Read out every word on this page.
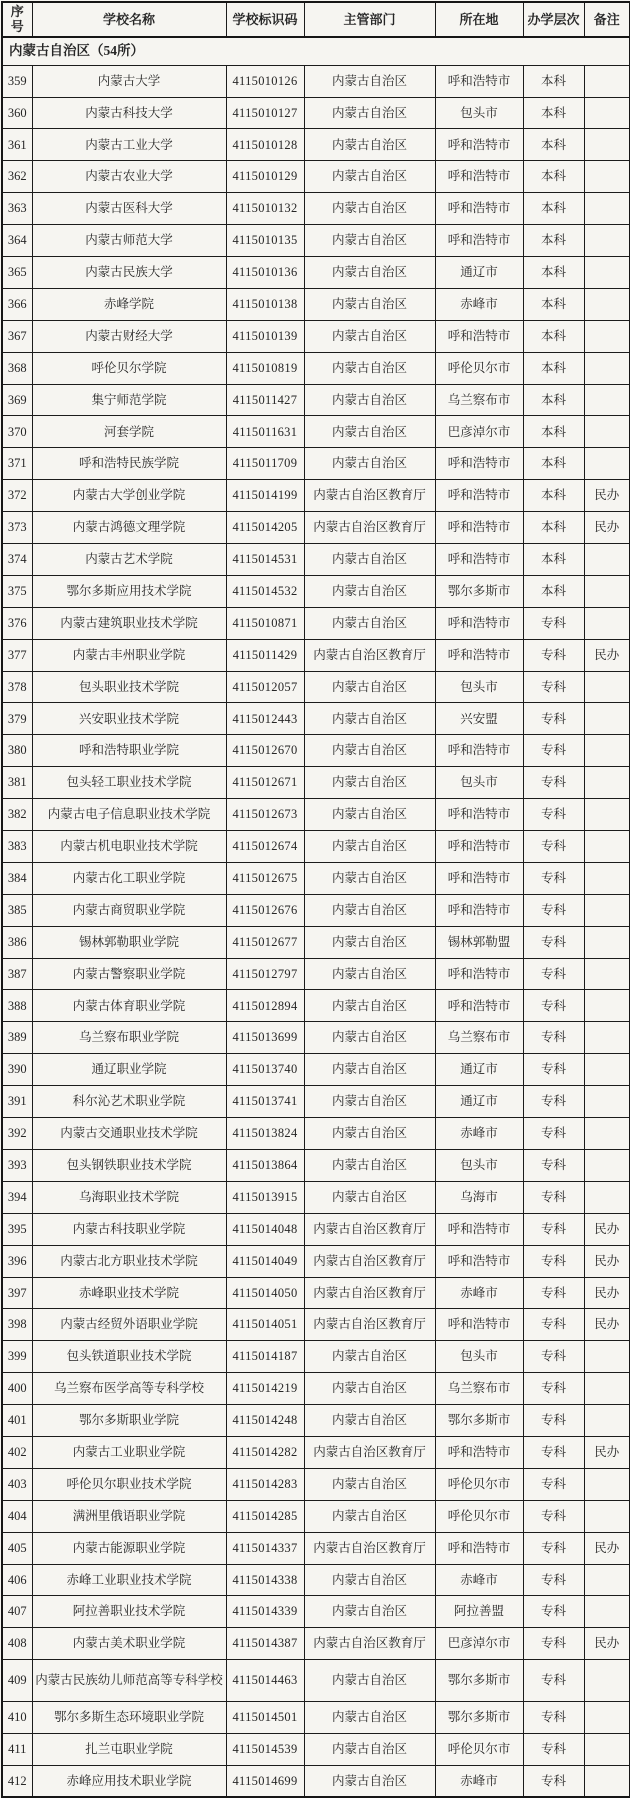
序号	学校名称	学校标识码	主管部门	所在地	办学层次	备注
内蒙古自治区（54所）						
359	内蒙古大学	4115010126	内蒙古自治区	呼和浩特市	本科	
360	内蒙古科技大学	4115010127	内蒙古自治区	包头市	本科	
361	内蒙古工业大学	4115010128	内蒙古自治区	呼和浩特市	本科	
362	内蒙古农业大学	4115010129	内蒙古自治区	呼和浩特市	本科	
363	内蒙古医科大学	4115010132	内蒙古自治区	呼和浩特市	本科	
364	内蒙古师范大学	4115010135	内蒙古自治区	呼和浩特市	本科	
365	内蒙古民族大学	4115010136	内蒙古自治区	通辽市	本科	
366	赤峰学院	4115010138	内蒙古自治区	赤峰市	本科	
367	内蒙古财经大学	4115010139	内蒙古自治区	呼和浩特市	本科	
368	呼伦贝尔学院	4115010819	内蒙古自治区	呼伦贝尔市	本科	
369	集宁师范学院	4115011427	内蒙古自治区	乌兰察布市	本科	
370	河套学院	4115011631	内蒙古自治区	巴彦淖尔市	本科	
371	呼和浩特民族学院	4115011709	内蒙古自治区	呼和浩特市	本科	
372	内蒙古大学创业学院	4115014199	内蒙古自治区教育厅	呼和浩特市	本科	民办
373	内蒙古鸿德文理学院	4115014205	内蒙古自治区教育厅	呼和浩特市	本科	民办
374	内蒙古艺术学院	4115014531	内蒙古自治区	呼和浩特市	本科	
375	鄂尔多斯应用技术学院	4115014532	内蒙古自治区	鄂尔多斯市	本科	
376	内蒙古建筑职业技术学院	4115010871	内蒙古自治区	呼和浩特市	专科	
377	内蒙古丰州职业学院	4115011429	内蒙古自治区教育厅	呼和浩特市	专科	民办
378	包头职业技术学院	4115012057	内蒙古自治区	包头市	专科	
379	兴安职业技术学院	4115012443	内蒙古自治区	兴安盟	专科	
380	呼和浩特职业学院	4115012670	内蒙古自治区	呼和浩特市	专科	
381	包头轻工职业技术学院	4115012671	内蒙古自治区	包头市	专科	
382	内蒙古电子信息职业技术学院	4115012673	内蒙古自治区	呼和浩特市	专科	
383	内蒙古机电职业技术学院	4115012674	内蒙古自治区	呼和浩特市	专科	
384	内蒙古化工职业学院	4115012675	内蒙古自治区	呼和浩特市	专科	
385	内蒙古商贸职业学院	4115012676	内蒙古自治区	呼和浩特市	专科	
386	锡林郭勒职业学院	4115012677	内蒙古自治区	锡林郭勒盟	专科	
387	内蒙古警察职业学院	4115012797	内蒙古自治区	呼和浩特市	专科	
388	内蒙古体育职业学院	4115012894	内蒙古自治区	呼和浩特市	专科	
389	乌兰察布职业学院	4115013699	内蒙古自治区	乌兰察布市	专科	
390	通辽职业学院	4115013740	内蒙古自治区	通辽市	专科	
391	科尔沁艺术职业学院	4115013741	内蒙古自治区	通辽市	专科	
392	内蒙古交通职业技术学院	4115013824	内蒙古自治区	赤峰市	专科	
393	包头钢铁职业技术学院	4115013864	内蒙古自治区	包头市	专科	
394	乌海职业技术学院	4115013915	内蒙古自治区	乌海市	专科	
395	内蒙古科技职业学院	4115014048	内蒙古自治区教育厅	呼和浩特市	专科	民办
396	内蒙古北方职业技术学院	4115014049	内蒙古自治区教育厅	呼和浩特市	专科	民办
397	赤峰职业技术学院	4115014050	内蒙古自治区教育厅	赤峰市	专科	民办
398	内蒙古经贸外语职业学院	4115014051	内蒙古自治区教育厅	呼和浩特市	专科	民办
399	包头铁道职业技术学院	4115014187	内蒙古自治区	包头市	专科	
400	乌兰察布医学高等专科学校	4115014219	内蒙古自治区	乌兰察布市	专科	
401	鄂尔多斯职业学院	4115014248	内蒙古自治区	鄂尔多斯市	专科	
402	内蒙古工业职业学院	4115014282	内蒙古自治区教育厅	呼和浩特市	专科	民办
403	呼伦贝尔职业技术学院	4115014283	内蒙古自治区	呼伦贝尔市	专科	
404	满洲里俄语职业学院	4115014285	内蒙古自治区	呼伦贝尔市	专科	
405	内蒙古能源职业学院	4115014337	内蒙古自治区教育厅	呼和浩特市	专科	民办
406	赤峰工业职业技术学院	4115014338	内蒙古自治区	赤峰市	专科	
407	阿拉善职业技术学院	4115014339	内蒙古自治区	阿拉善盟	专科	
408	内蒙古美术职业学院	4115014387	内蒙古自治区教育厅	巴彦淖尔市	专科	民办
409	内蒙古民族幼儿师范高等专科学校	4115014463	内蒙古自治区	鄂尔多斯市	专科	
410	鄂尔多斯生态环境职业学院	4115014501	内蒙古自治区	鄂尔多斯市	专科	
411	扎兰屯职业学院	4115014539	内蒙古自治区	呼伦贝尔市	专科	
412	赤峰应用技术职业学院	4115014699	内蒙古自治区	赤峰市	专科	
